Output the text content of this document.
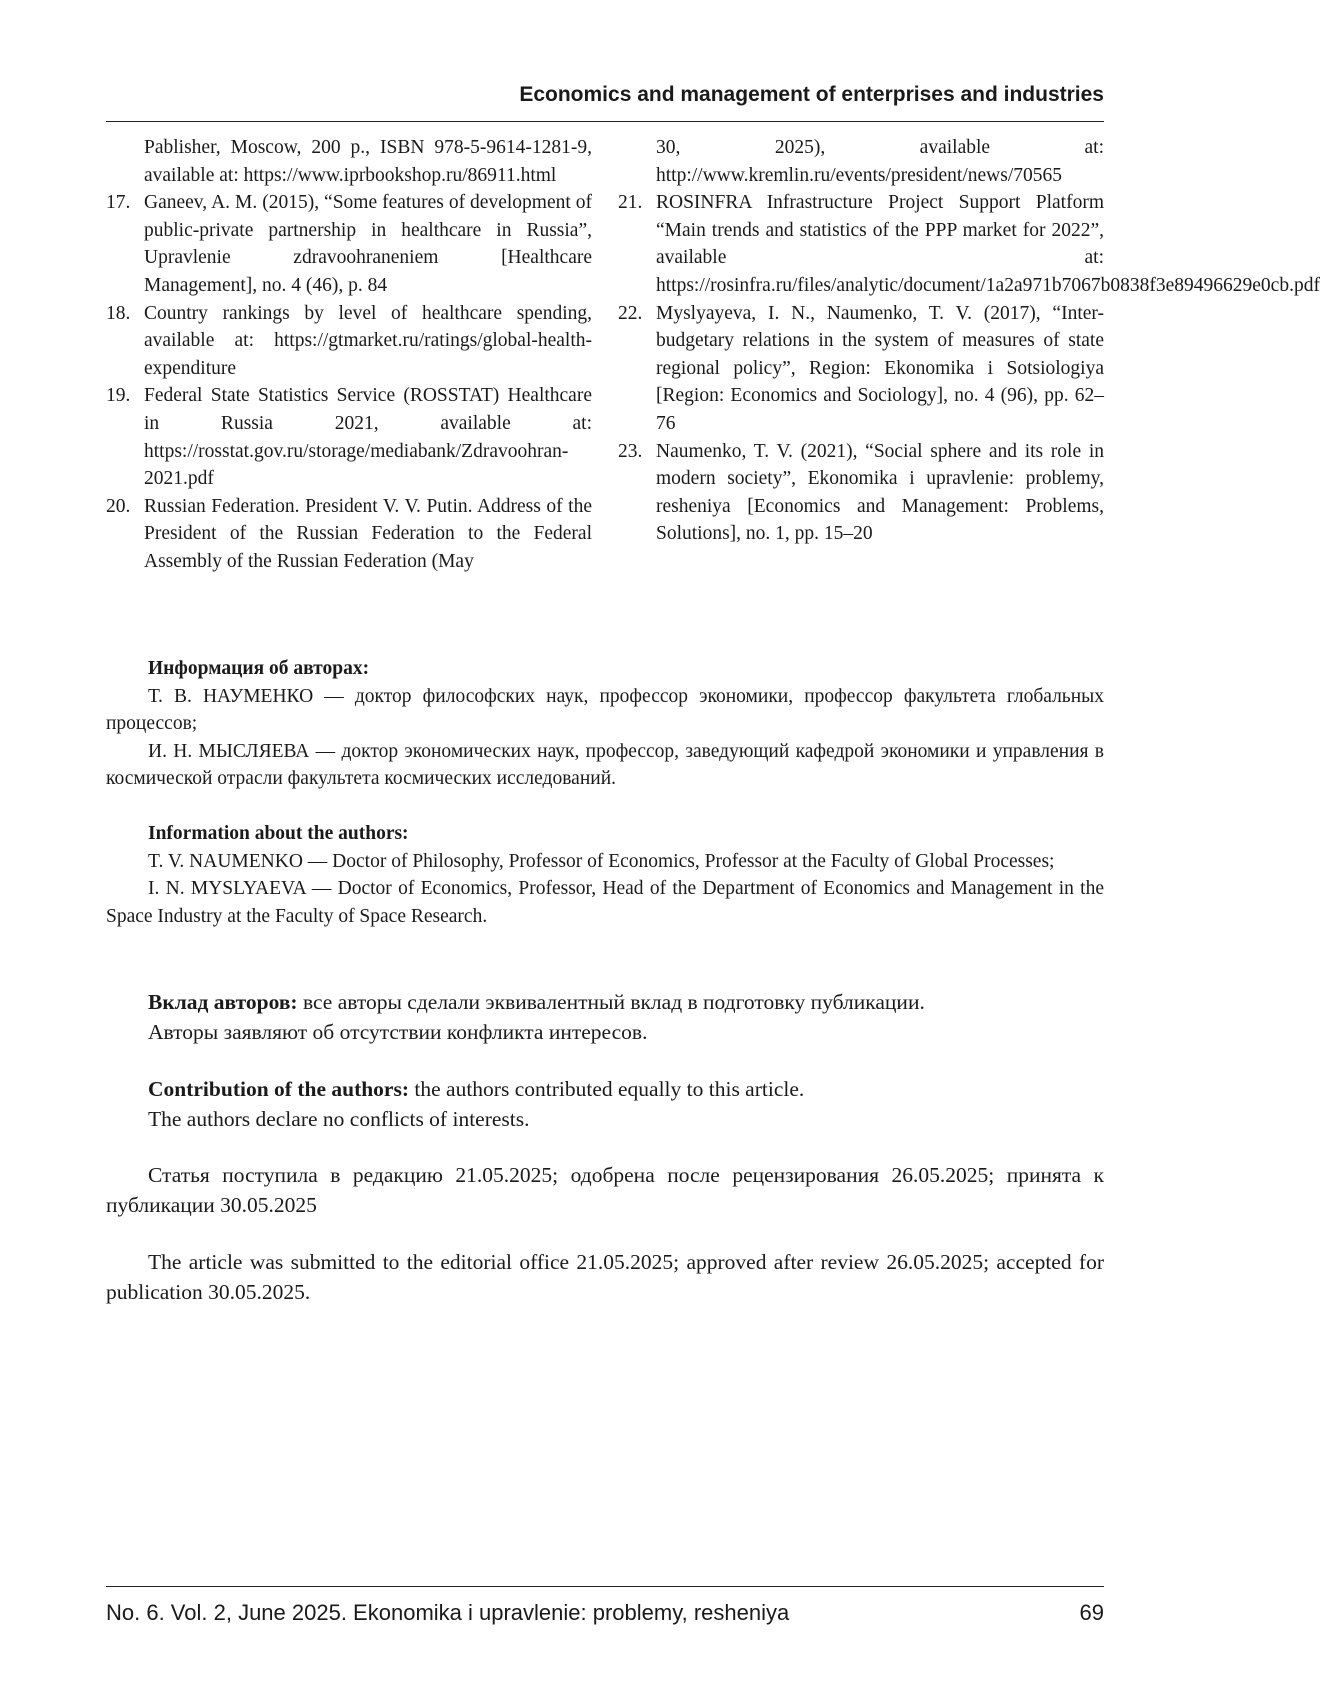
Economics and management of enterprises and industries

Pablisher, Moscow, 200 p., ISBN 978-5-9614-1281-9, available at: https://www.iprbookshop.ru/86911.html

17. Ganeev, A. M. (2015), “Some features of development of public-private partnership in healthcare in Russia”, Upravlenie zdravoohraneniem [Healthcare Management], no. 4 (46), p. 84

18. Country rankings by level of healthcare spending, available at: https://gtmarket.ru/ratings/global-health-expenditure

19. Federal State Statistics Service (ROSSTAT) Healthcare in Russia 2021, available at: https://rosstat.gov.ru/storage/mediabank/Zdravoohran-2021.pdf

20. Russian Federation. President V. V. Putin. Address of the President of the Russian Federation to the Federal Assembly of the Russian Federation (May

30, 2025), available at: http://www.kremlin.ru/events/president/news/70565

21. ROSINFRA Infrastructure Project Support Platform “Main trends and statistics of the PPP market for 2022”, available at: https://rosinfra.ru/files/analytic/document/1a2a971b7067b0838f3e89496629e0cb.pdf

22. Myslyayeva, I. N., Naumenko, T. V. (2017), “Inter-budgetary relations in the system of measures of state regional policy”, Region: Ekonomika i Sotsiologiya [Region: Economics and Sociology], no. 4 (96), pp. 62–76

23. Naumenko, T. V. (2021), “Social sphere and its role in modern society”, Ekonomika i upravlenie: problemy, resheniya [Economics and Management: Problems, Solutions], no. 1, pp. 15–20

Информация об авторах:

Т. В. НАУМЕНКО — доктор философских наук, профессор экономики, профессор факультета глобальных процессов;

И. Н. МЫСЛЯЕВА — доктор экономических наук, профессор, заведующий кафедрой экономики и управления в космической отрасли факультета космических исследований.

Information about the authors:

T. V. NAUMENKO — Doctor of Philosophy, Professor of Economics, Professor at the Faculty of Global Processes;

I. N. MYSLYAEVA — Doctor of Economics, Professor, Head of the Department of Economics and Management in the Space Industry at the Faculty of Space Research.

Вклад авторов: все авторы сделали эквивалентный вклад в подготовку публикации.

Авторы заявляют об отсутствии конфликта интересов.

Contribution of the authors: the authors contributed equally to this article.

The authors declare no conflicts of interests.

Статья поступила в редакцию 21.05.2025; одобрена после рецензирования 26.05.2025; принята к публикации 30.05.2025

The article was submitted to the editorial office 21.05.2025; approved after review 26.05.2025; accepted for publication 30.05.2025.

No. 6. Vol. 2, June 2025. Ekonomika i upravlenie: problemy, resheniya	69
